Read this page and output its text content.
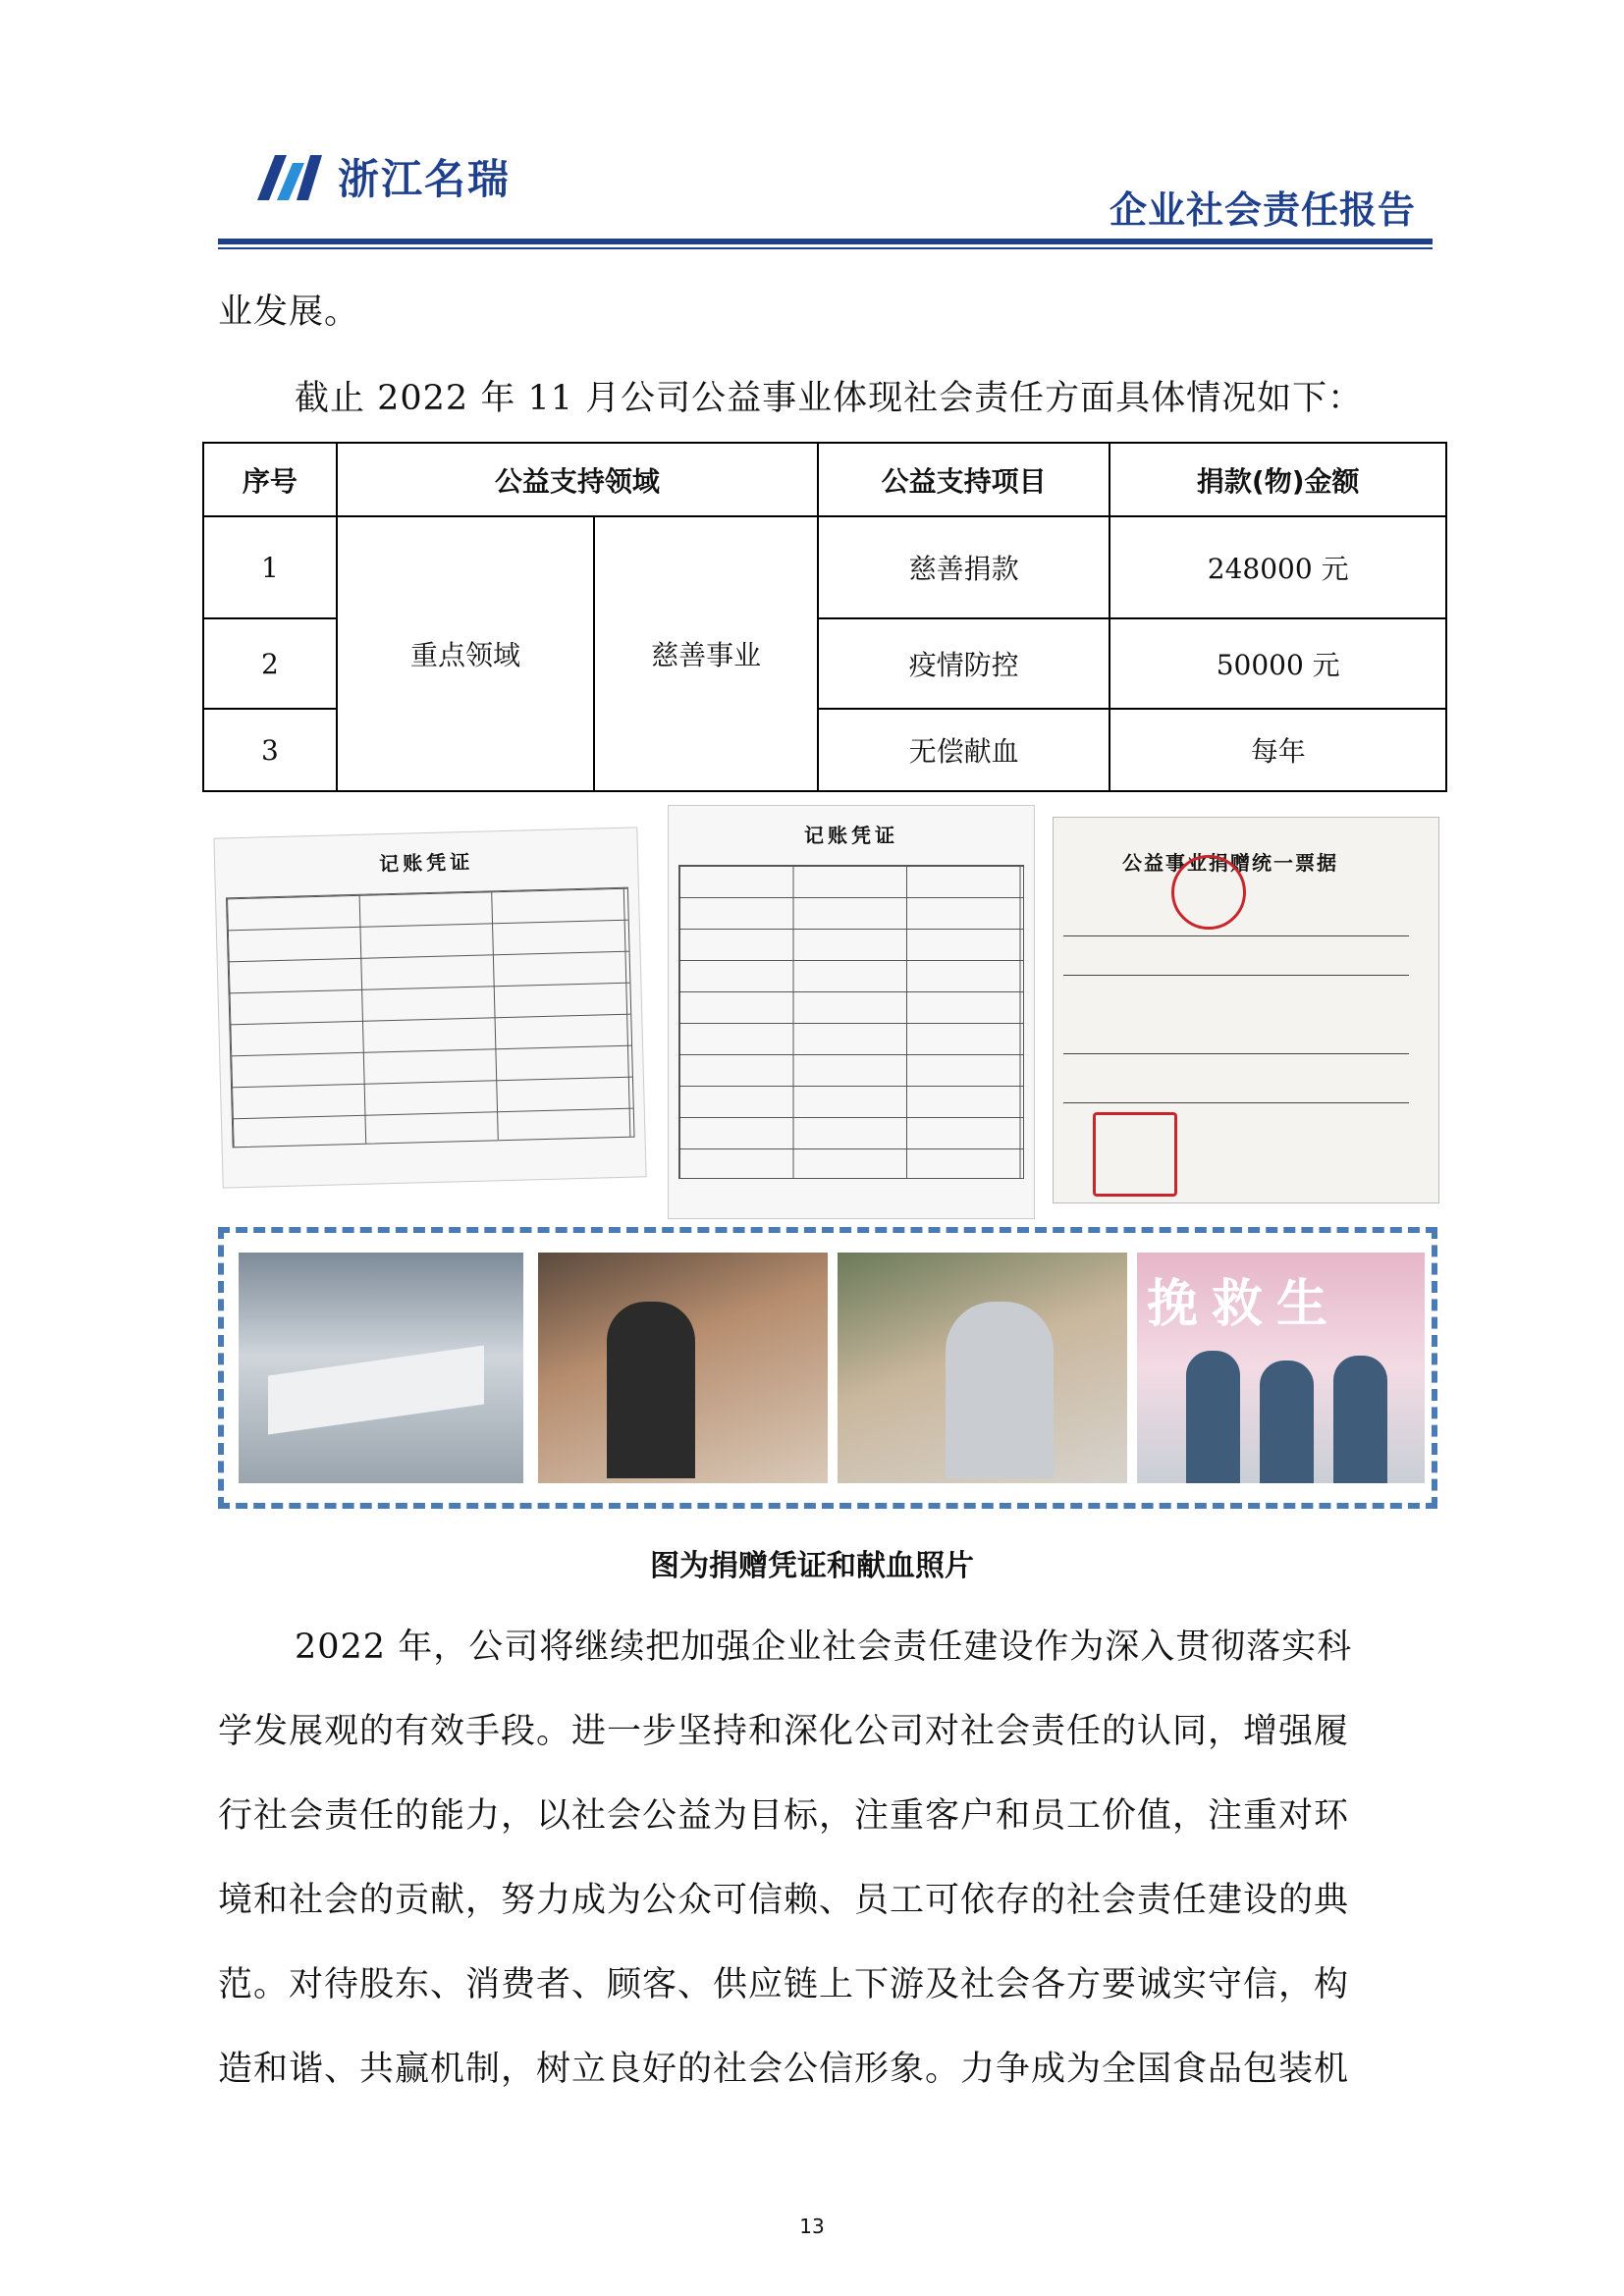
浙江名瑞
企业社会责任报告
业发展。
截止 2022 年 11 月公司公益事业体现社会责任方面具体情况如下：
序号	公益支持领域		公益支持项目	捐款(物)金额
1	重点领域	慈善事业	慈善捐款	248000 元
2			疫情防控	50000 元
3			无偿献血	每年
记账凭证
记账凭证
公益事业捐赠统一票据
挽救生
图为捐赠凭证和献血照片
2022 年，公司将继续把加强企业社会责任建设作为深入贯彻落实科
学发展观的有效手段。进一步坚持和深化公司对社会责任的认同，增强履
行社会责任的能力，以社会公益为目标，注重客户和员工价值，注重对环
境和社会的贡献，努力成为公众可信赖、员工可依存的社会责任建设的典
范。对待股东、消费者、顾客、供应链上下游及社会各方要诚实守信，构
造和谐、共赢机制，树立良好的社会公信形象。力争成为全国食品包装机
13
